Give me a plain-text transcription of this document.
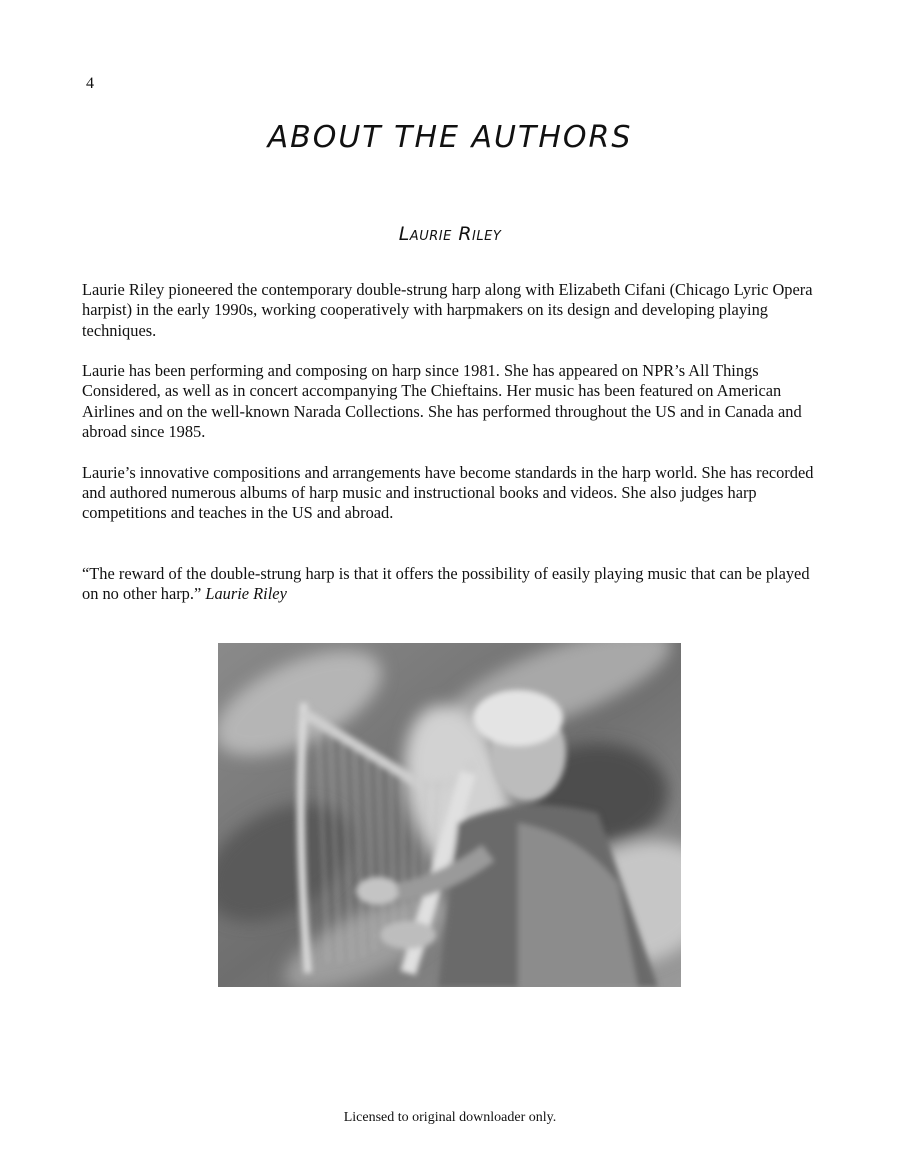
4
ABOUT THE AUTHORS
Laurie Riley

Laurie Riley pioneered the contemporary double-strung harp along with Elizabeth Cifani (Chicago Lyric Opera harpist) in the early 1990s, working cooperatively with harpmakers on its design and developing playing techniques.

Laurie has been performing and composing on harp since 1981. She has appeared on NPR’s All Things Considered, as well as in concert accompanying The Chieftains. Her music has been featured on American Airlines and on the well-known Narada Collections. She has performed throughout the US and in Canada and abroad since 1985.

Laurie’s innovative compositions and arrangements have become standards in the harp world. She has recorded and authored numerous albums of harp music and instructional books and videos. She also judges harp competitions and teaches in the US and abroad.

“The reward of the double-strung harp is that it offers the possibility of easily playing music that can be played on no other harp.” Laurie Riley

Licensed to original downloader only.
